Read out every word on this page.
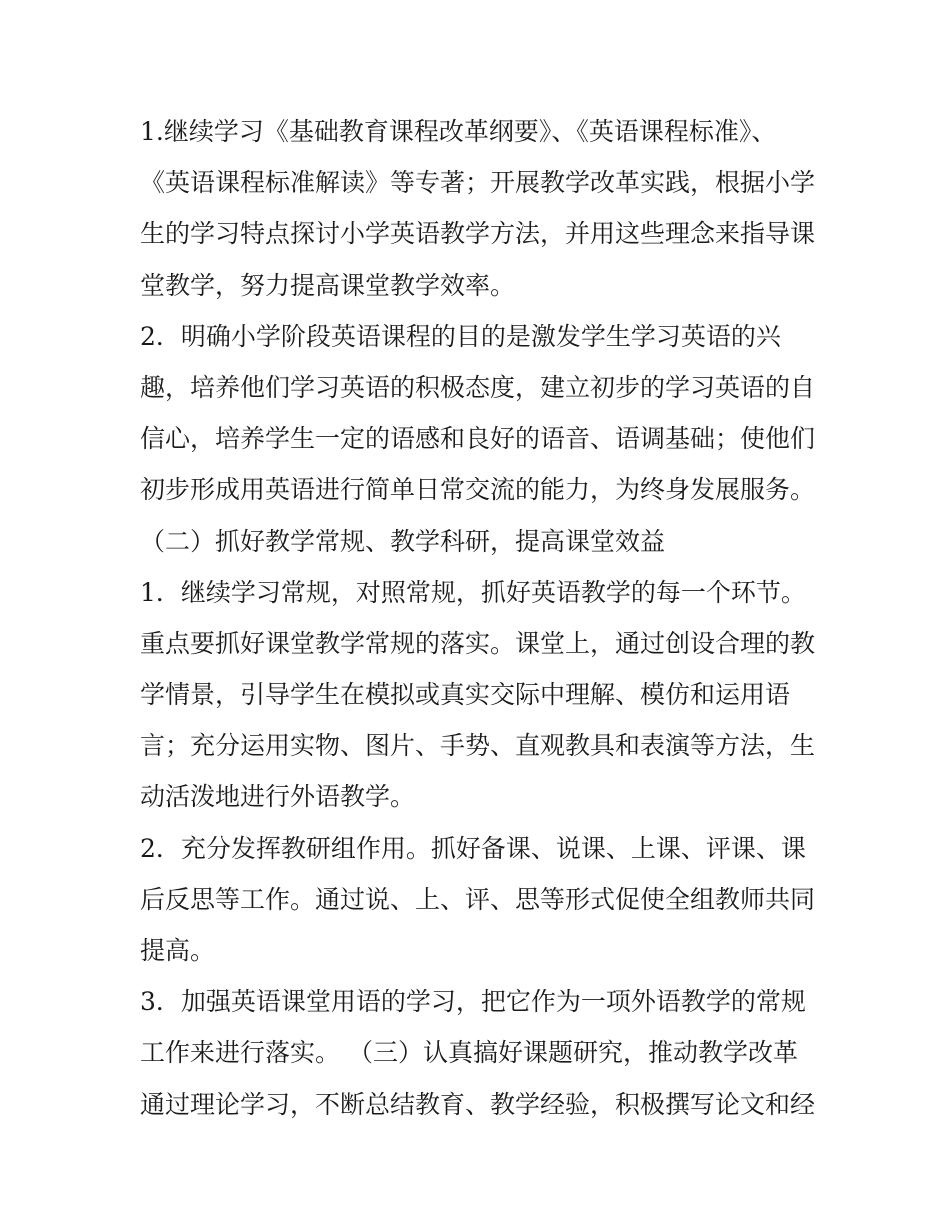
1.继续学习《基础教育课程改革纲要》、《英语课程标准》、
《英语课程标准解读》等专著；开展教学改革实践，根据小学
生的学习特点探讨小学英语教学方法，并用这些理念来指导课
堂教学，努力提高课堂教学效率。
2．明确小学阶段英语课程的目的是激发学生学习英语的兴
趣，培养他们学习英语的积极态度，建立初步的学习英语的自
信心，培养学生一定的语感和良好的语音、语调基础；使他们
初步形成用英语进行简单日常交流的能力，为终身发展服务。
（二）抓好教学常规、教学科研，提高课堂效益
1．继续学习常规，对照常规，抓好英语教学的每一个环节。
重点要抓好课堂教学常规的落实。课堂上，通过创设合理的教
学情景，引导学生在模拟或真实交际中理解、模仿和运用语
言；充分运用实物、图片、手势、直观教具和表演等方法，生
动活泼地进行外语教学。
2．充分发挥教研组作用。抓好备课、说课、上课、评课、课
后反思等工作。通过说、上、评、思等形式促使全组教师共同
提高。
3．加强英语课堂用语的学习，把它作为一项外语教学的常规
工作来进行落实。 （三）认真搞好课题研究，推动教学改革
通过理论学习，不断总结教育、教学经验，积极撰写论文和经
